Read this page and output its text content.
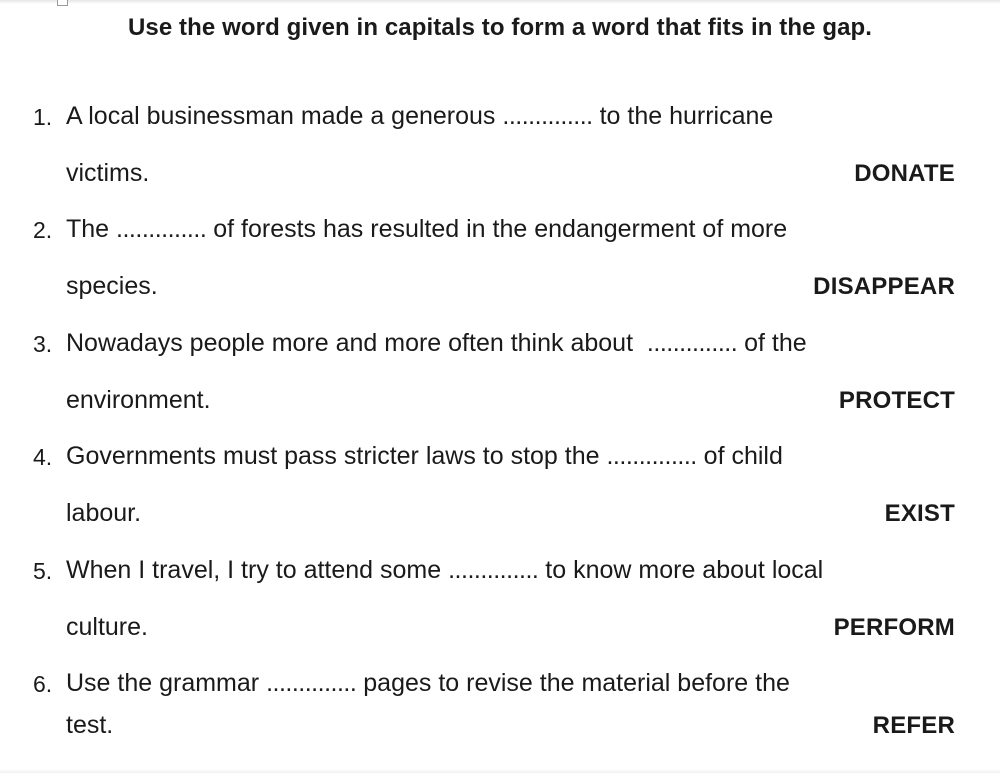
Use the word given in capitals to form a word that fits in the gap.
1. A local businessman made a generous .............. to the hurricane
victims.	DONATE
2. The .............. of forests has resulted in the endangerment of more
species.	DISAPPEAR
3. Nowadays people more and more often think about  .............. of the
environment.	PROTECT
4. Governments must pass stricter laws to stop the .............. of child
labour.	EXIST
5. When I travel, I try to attend some .............. to know more about local
culture.	PERFORM
6. Use the grammar .............. pages to revise the material before the
test.	REFER
